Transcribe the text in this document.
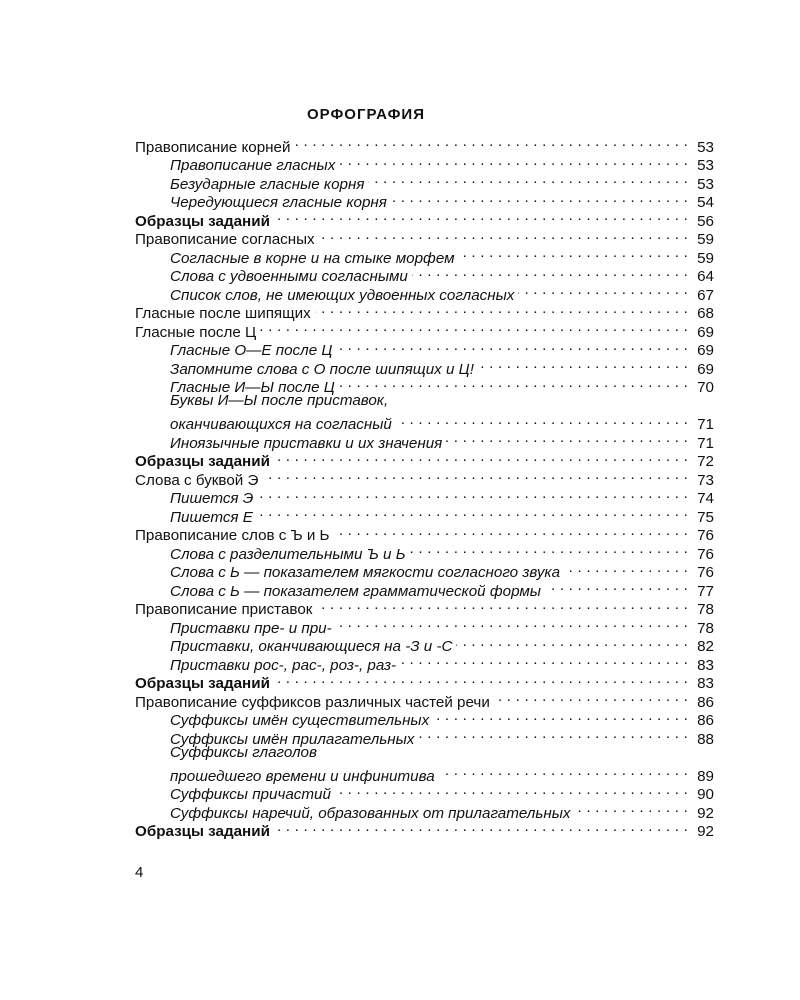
ОРФОГРАФИЯ
Правописание корней . . .	53
Правописание гласных . . .	53
Безударные гласные корня . . .	53
Чередующиеся гласные корня . . .	54
Образцы заданий . . .	56
Правописание согласных . . .	59
Согласные в корне и на стыке морфем . . .	59
Слова с удвоенными согласными . . .	64
Список слов, не имеющих удвоенных согласных . . .	67
Гласные после шипящих . . .	68
Гласные после Ц . . .	69
Гласные О—Е после Ц . . .	69
Запомните слова с О после шипящих и Ц! . . .	69
Гласные И—Ы после Ц . . .	70
Буквы И—Ы после приставок,
оканчивающихся на согласный . . .	71
Иноязычные приставки и их значения . . .	71
Образцы заданий . . .	72
Слова с буквой Э . . .	73
Пишется Э . . .	74
Пишется Е . . .	75
Правописание слов с Ъ и Ь . . .	76
Слова с разделительными Ъ и Ь . . .	76
Слова с Ь — показателем мягкости согласного звука . . .	76
Слова с Ь — показателем грамматической формы . . .	77
Правописание приставок . . .	78
Приставки пре- и при- . . .	78
Приставки, оканчивающиеся на -З и -С . . .	82
Приставки рос-, рас-, роз-, раз- . . .	83
Образцы заданий . . .	83
Правописание суффиксов различных частей речи . . .	86
Суффиксы имён существительных . . .	86
Суффиксы имён прилагательных . . .	88
Суффиксы глаголов
прошедшего времени и инфинитива . . .	89
Суффиксы причастий . . .	90
Суффиксы наречий, образованных от прилагательных . . .	92
Образцы заданий . . .	92
4
